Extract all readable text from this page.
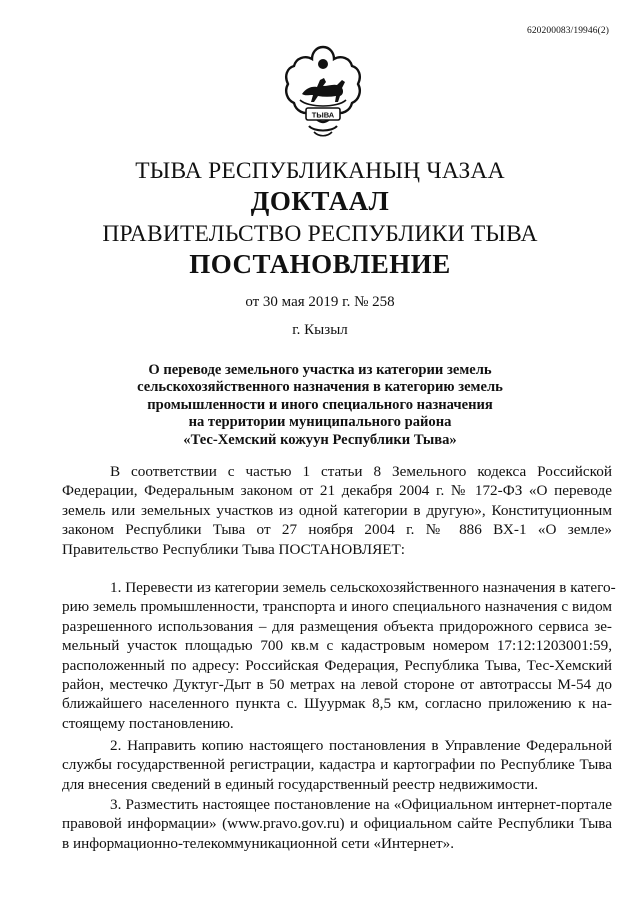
620200083/19946(2)
ТЫВА
ТЫВА РЕСПУБЛИКАНЫҢ ЧАЗАА
ДОКТААЛ
ПРАВИТЕЛЬСТВО РЕСПУБЛИКИ ТЫВА
ПОСТАНОВЛЕНИЕ
от 30 мая 2019 г. № 258
г. Кызыл
О переводе земельного участка из категории земель
сельскохозяйственного назначения в категорию земель
промышленности и иного специального назначения
на территории муниципального района
«Тес-Хемский кожуун Республики Тыва»
В соответствии с частью 1 статьи 8 Земельного кодекса Российской
Федерации, Федеральным законом от 21 декабря 2004 г. № 172-ФЗ «О переводе
земель или земельных участков из одной категории в другую», Конституционным
законом Республики Тыва от 27 ноября 2004 г. № 886 ВХ-1 «О земле»
Правительство Республики Тыва ПОСТАНОВЛЯЕТ:
1. Перевести из категории земель сельскохозяйственного назначения в катего-
рию земель промышленности, транспорта и иного специального назначения с видом
разрешенного использования – для размещения объекта придорожного сервиса зе-
мельный участок площадью 700 кв.м с кадастровым номером 17:12:1203001:59,
расположенный по адресу: Российская Федерация, Республика Тыва, Тес-Хемский
район, местечко Дуктуг-Дыт в 50 метрах на левой стороне от автотрассы М-54 до
ближайшего населенного пункта с. Шуурмак 8,5 км, согласно приложению к на-
стоящему постановлению.
2. Направить копию настоящего постановления в Управление Федеральной
службы государственной регистрации, кадастра и картографии по Республике Тыва
для внесения сведений в единый государственный реестр недвижимости.
3. Разместить настоящее постановление на «Официальном интернет-портале
правовой информации» (www.pravo.gov.ru) и официальном сайте Республики Тыва
в информационно-телекоммуникационной сети «Интернет».
